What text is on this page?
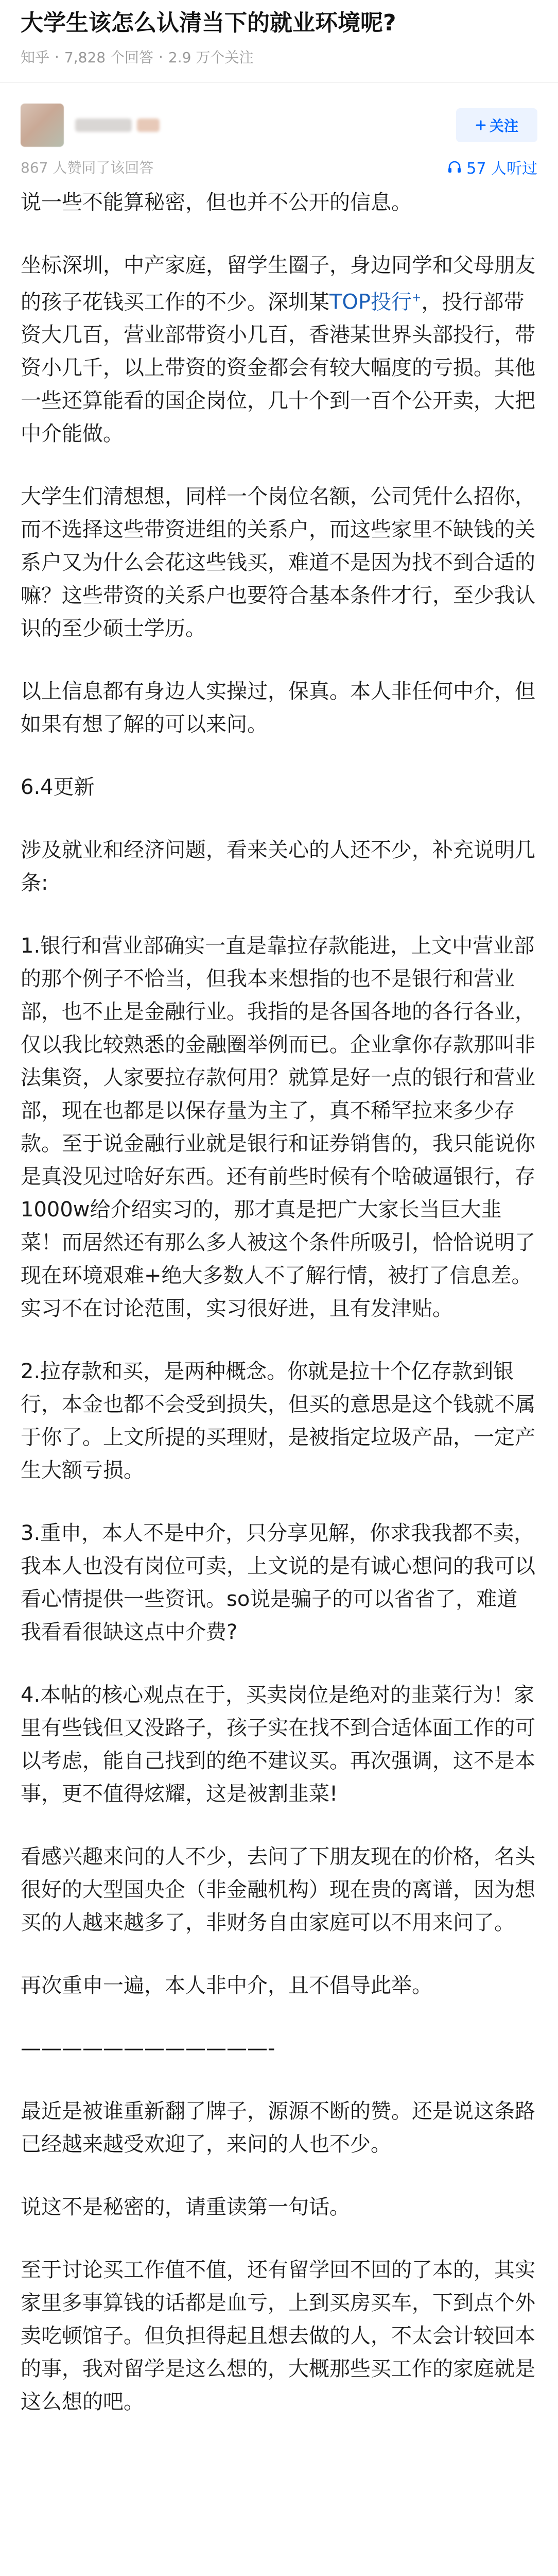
大学生该怎么认清当下的就业环境呢?
知乎 · 7,828 个回答 · 2.9 万个关注
关注
867 人赞同了该回答	57 人听过

说一些不能算秘密，但也并不公开的信息。

坐标深圳，中产家庭，留学生圈子，身边同学和父母朋友的孩子花钱买工作的不少。深圳某TOP投行+，投行部带资大几百，营业部带资小几百，香港某世界头部投行，带资小几千，以上带资的资金都会有较大幅度的亏损。其他一些还算能看的国企岗位，几十个到一百个公开卖，大把中介能做。

大学生们清想想，同样一个岗位名额，公司凭什么招你，而不选择这些带资进组的关系户，而这些家里不缺钱的关系户又为什么会花这些钱买，难道不是因为找不到合适的嘛？这些带资的关系户也要符合基本条件才行，至少我认识的至少硕士学历。

以上信息都有身边人实操过，保真。本人非任何中介，但如果有想了解的可以来问。

6.4更新

涉及就业和经济问题，看来关心的人还不少，补充说明几条:

1.银行和营业部确实一直是靠拉存款能进，上文中营业部的那个例子不恰当，但我本来想指的也不是银行和营业部，也不止是金融行业。我指的是各国各地的各行各业，仅以我比较熟悉的金融圈举例而已。企业拿你存款那叫非法集资，人家要拉存款何用？就算是好一点的银行和营业部，现在也都是以保存量为主了，真不稀罕拉来多少存款。至于说金融行业就是银行和证券销售的，我只能说你是真没见过啥好东西。还有前些时候有个啥破逼银行，存1000w给介绍实习的，那才真是把广大家长当巨大韭菜！而居然还有那么多人被这个条件所吸引，恰恰说明了现在环境艰难+绝大多数人不了解行情，被打了信息差。实习不在讨论范围，实习很好进，且有发津贴。

2.拉存款和买，是两种概念。你就是拉十个亿存款到银行，本金也都不会受到损失，但买的意思是这个钱就不属于你了。上文所提的买理财，是被指定垃圾产品，一定产生大额亏损。

3.重申，本人不是中介，只分享见解，你求我我都不卖，我本人也没有岗位可卖，上文说的是有诚心想问的我可以看心情提供一些资讯。so说是骗子的可以省省了，难道我看看很缺这点中介费?

4.本帖的核心观点在于，买卖岗位是绝对的韭菜行为！家里有些钱但又没路子，孩子实在找不到合适体面工作的可以考虑，能自己找到的绝不建议买。再次强调，这不是本事，更不值得炫耀，这是被割韭菜!

看感兴趣来问的人不少，去问了下朋友现在的价格，名头很好的大型国央企（非金融机构）现在贵的离谱，因为想买的人越来越多了，非财务自由家庭可以不用来问了。

再次重申一遍，本人非中介，且不倡导此举。

————————————-

最近是被谁重新翻了牌子，源源不断的赞。还是说这条路已经越来越受欢迎了，来问的人也不少。

说这不是秘密的，请重读第一句话。

至于讨论买工作值不值，还有留学回不回的了本的，其实家里多事算钱的话都是血亏，上到买房买车，下到点个外卖吃顿馆子。但负担得起且想去做的人，不太会计较回本的事，我对留学是这么想的，大概那些买工作的家庭就是这么想的吧。
